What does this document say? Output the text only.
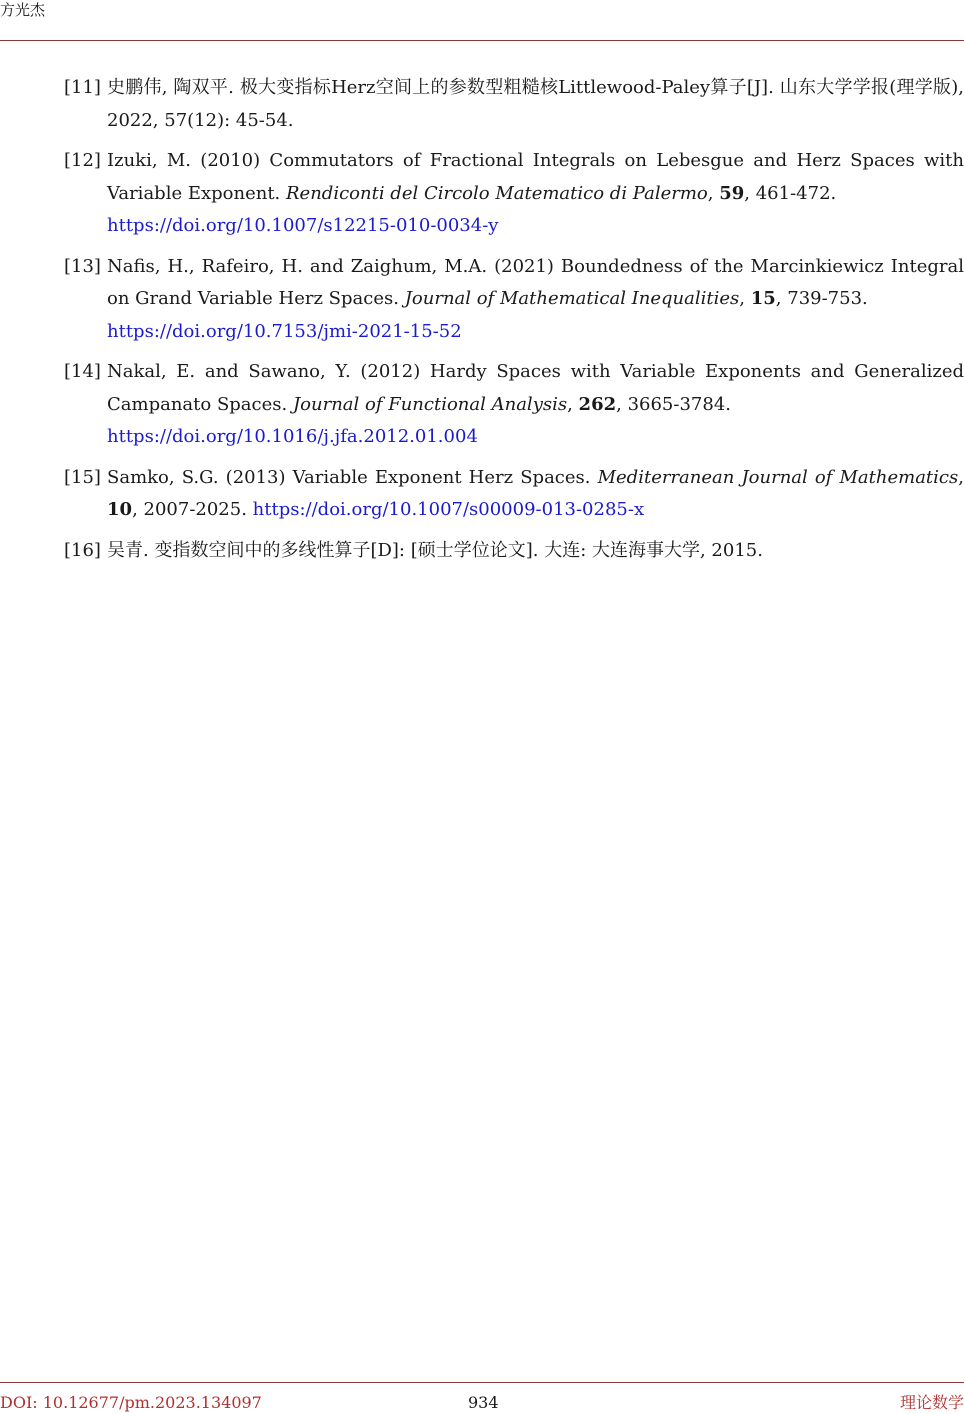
方光杰
[11] 史鹏伟, 陶双平. 极大变指标Herz空间上的参数型粗糙核Littlewood-Paley算子[J]. 山东大学学报(理学版), 2022, 57(12): 45-54.
[12] Izuki, M. (2010) Commutators of Fractional Integrals on Lebesgue and Herz Spaces with Variable Exponent. Rendiconti del Circolo Matematico di Palermo, 59, 461-472.
https://doi.org/10.1007/s12215-010-0034-y
[13] Nafis, H., Rafeiro, H. and Zaighum, M.A. (2021) Boundedness of the Marcinkiewicz Integral on Grand Variable Herz Spaces. Journal of Mathematical Inequalities, 15, 739-753.
https://doi.org/10.7153/jmi-2021-15-52
[14] Nakal, E. and Sawano, Y. (2012) Hardy Spaces with Variable Exponents and Generalized Campanato Spaces. Journal of Functional Analysis, 262, 3665-3784.
https://doi.org/10.1016/j.jfa.2012.01.004
[15] Samko, S.G. (2013) Variable Exponent Herz Spaces. Mediterranean Journal of Mathematics, 10, 2007-2025. https://doi.org/10.1007/s00009-013-0285-x
[16] 吴青. 变指数空间中的多线性算子[D]: [硕士学位论文]. 大连: 大连海事大学, 2015.
DOI: 10.12677/pm.2023.134097	934	理论数学
